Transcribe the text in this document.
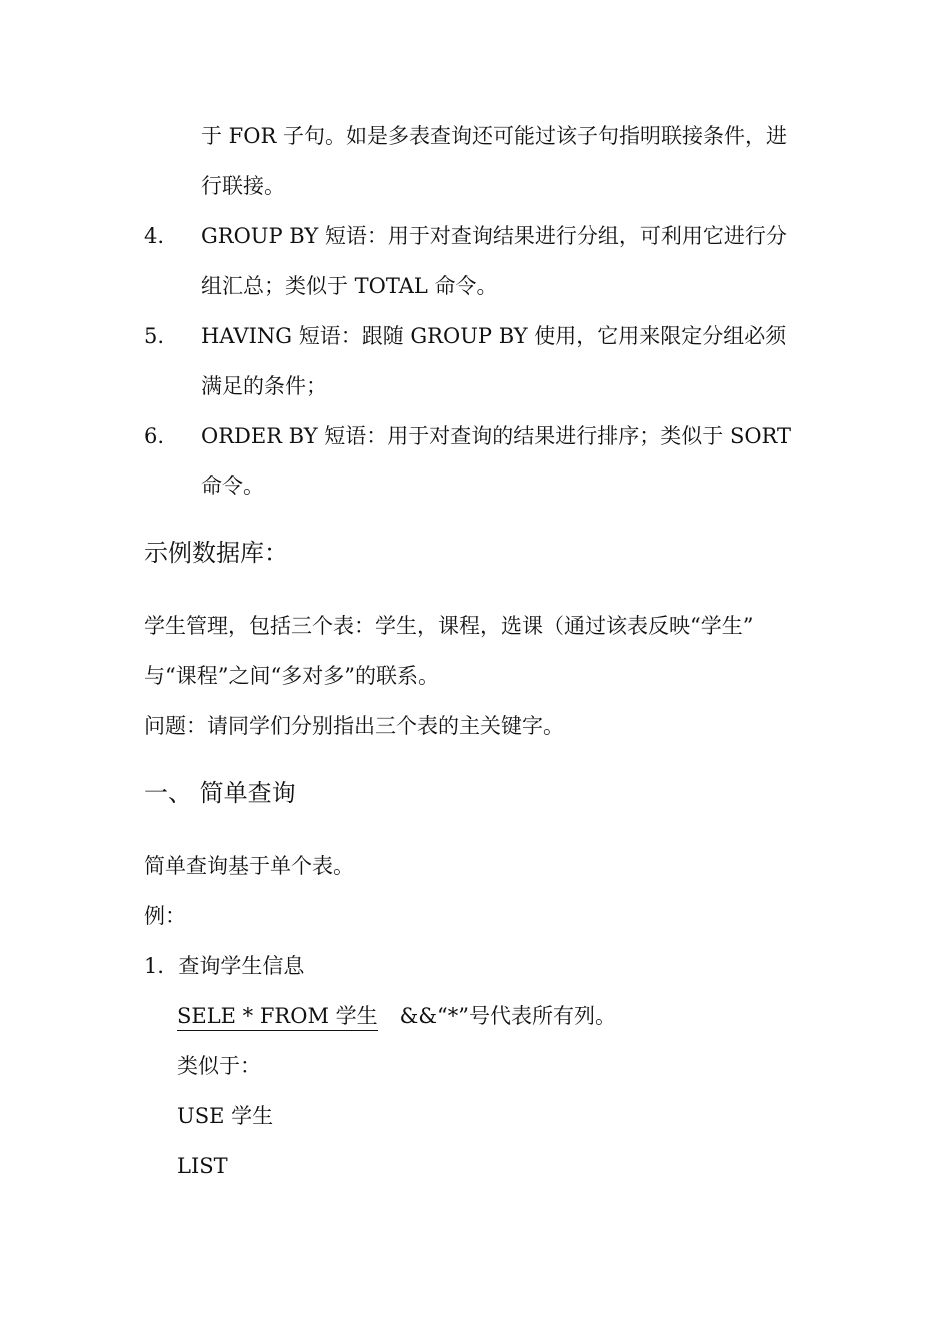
于 FOR 子句。如是多表查询还可能过该子句指明联接条件，进
行联接。
4. GROUP BY 短语：用于对查询结果进行分组，可利用它进行分
组汇总；类似于 TOTAL 命令。
5. HAVING 短语：跟随 GROUP BY 使用，它用来限定分组必须
满足的条件；
6. ORDER BY 短语：用于对查询的结果进行排序；类似于 SORT
命令。
示例数据库：
学生管理，包括三个表：学生，课程，选课（通过该表反映“学生”
与“课程”之间“多对多”的联系。
问题：请同学们分别指出三个表的主关键字。
一、 简单查询
简单查询基于单个表。
例：
1．查询学生信息
SELE * FROM 学生 &&“*”号代表所有列。
类似于：
USE 学生
LIST
